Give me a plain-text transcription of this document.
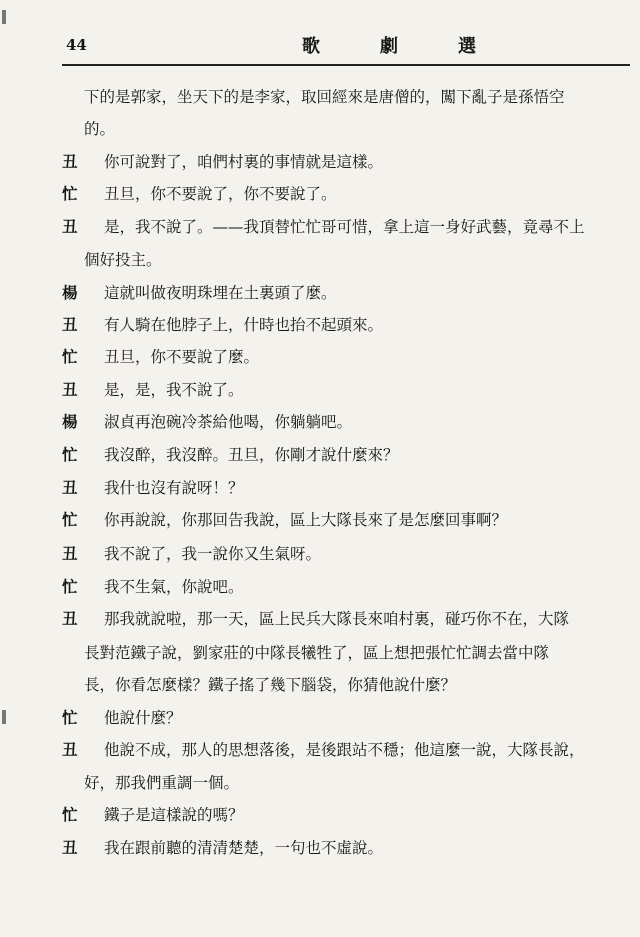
44	歌劇選
下的是郭家，坐天下的是李家，取回經來是唐僧的，闖下亂子是孫悟空
的。
丑	你可說對了，咱們村裏的事情就是這樣。
忙	丑旦，你不要說了，你不要說了。
丑	是，我不說了。——我頂替忙忙哥可惜，拿上這一身好武藝，竟尋不上
個好投主。
楊	這就叫做夜明珠埋在土裏頭了麼。
丑	有人騎在他脖子上，什時也抬不起頭來。
忙	丑旦，你不要說了麼。
丑	是，是，我不說了。
楊	淑貞再泡碗冷茶給他喝，你躺躺吧。
忙	我沒醉，我沒醉。丑旦，你剛才說什麼來？
丑	我什也沒有說呀！？
忙	你再說說，你那回告我說，區上大隊長來了是怎麼回事啊？
丑	我不說了，我一說你又生氣呀。
忙	我不生氣，你說吧。
丑	那我就說啦，那一天，區上民兵大隊長來咱村裏，碰巧你不在，大隊
長對范鐵子說，劉家莊的中隊長犧牲了，區上想把張忙忙調去當中隊
長，你看怎麼樣？鐵子搖了幾下腦袋，你猜他說什麼？
忙	他說什麼？
丑	他說不成，那人的思想落後，是後跟站不穩；他這麼一說，大隊長說，
好，那我們重調一個。
忙	鐵子是這樣說的嗎？
丑	我在跟前聽的清清楚楚，一句也不虛說。
